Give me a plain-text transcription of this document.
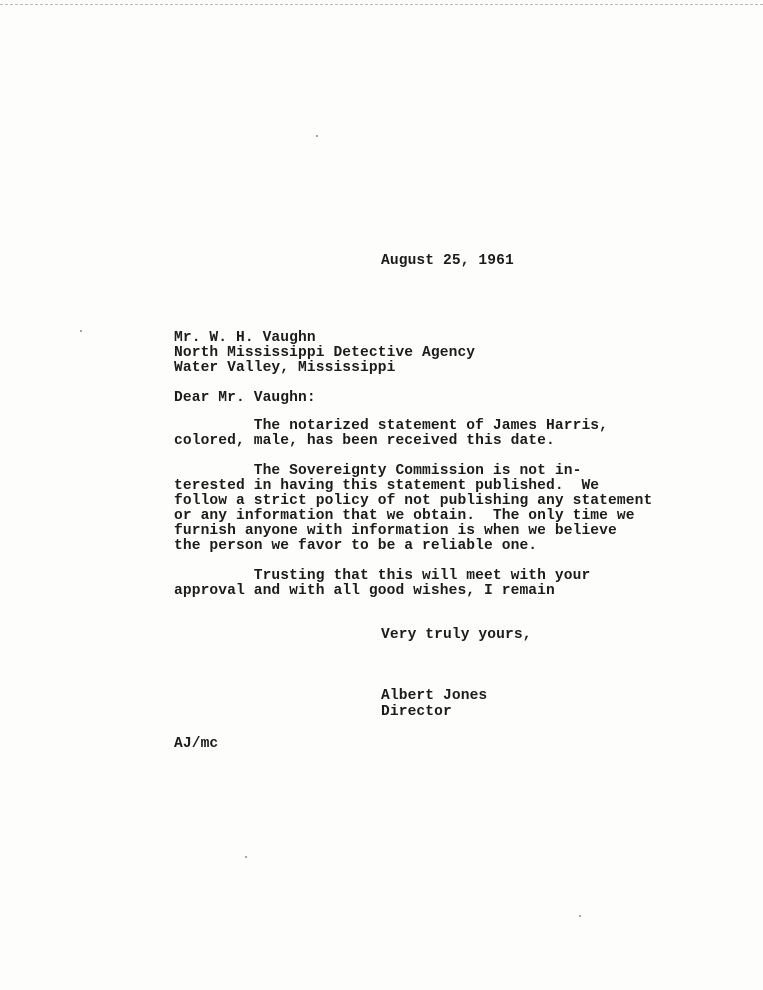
August 25, 1961
Mr. W. H. Vaughn
North Mississippi Detective Agency
Water Valley, Mississippi
Dear Mr. Vaughn:
The notarized statement of James Harris,
colored, male, has been received this date.
The Sovereignty Commission is not in-
terested in having this statement published.  We
follow a strict policy of not publishing any statement
or any information that we obtain.  The only time we
furnish anyone with information is when we believe
the person we favor to be a reliable one.
Trusting that this will meet with your
approval and with all good wishes, I remain
Very truly yours,
Albert Jones
Director
AJ/mc
